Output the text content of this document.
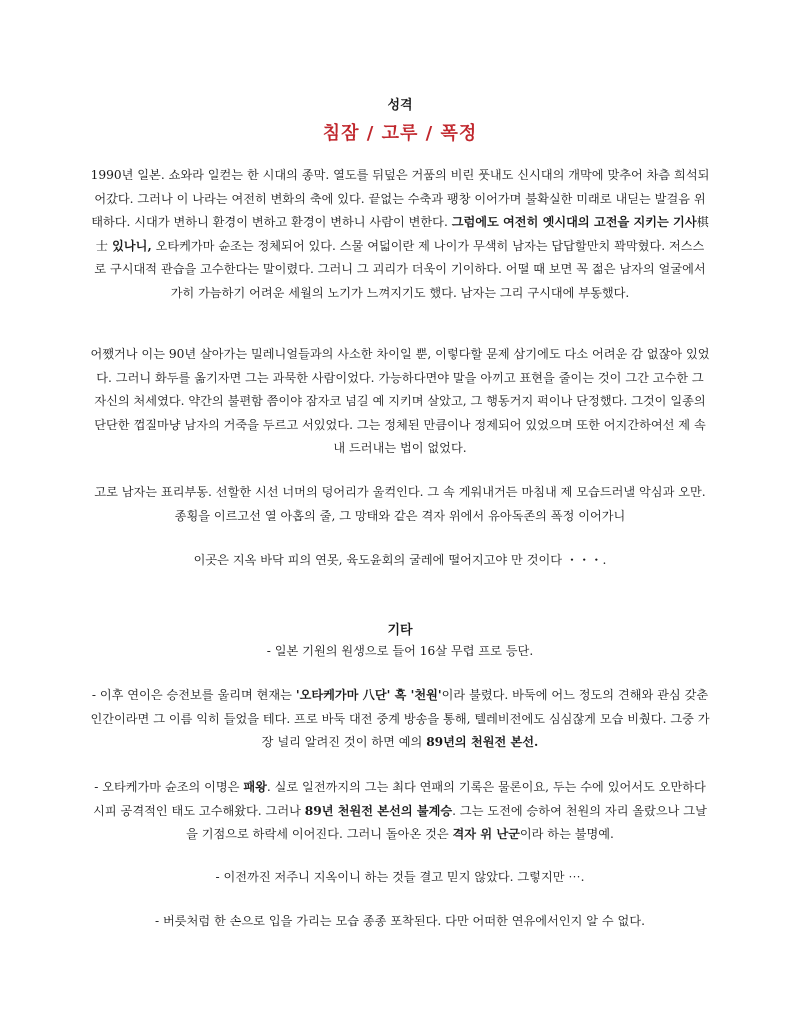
성격
침잠 / 고루 / 폭정

1990년 일본. 쇼와라 일컫는 한 시대의 종막. 열도를 뒤덮은 거품의 비린 풋내도 신시대의 개막에 맞추어 차츰 희석되어갔다. 그러나 이 나라는 여전히 변화의 축에 있다. 끝없는 수축과 팽창 이어가며 불확실한 미래로 내딛는 발걸음 위태하다. 시대가 변하니 환경이 변하고 환경이 변하니 사람이 변한다. 그럼에도 여전히 옛시대의 고전을 지키는 기사棋士 있나니, 오타케가마 슌조는 정체되어 있다. 스물 여덟이란 제 나이가 무색히 남자는 답답할만치 꽉막혔다. 저스스로 구시대적 관습을 고수한다는 말이렸다. 그러니 그 괴리가 더욱이 기이하다. 어떨 때 보면 꼭 젊은 남자의 얼굴에서 가히 가늠하기 어려운 세월의 노기가 느껴지기도 했다. 남자는 그리 구시대에 부동했다.

어쨌거나 이는 90년 살아가는 밀레니얼들과의 사소한 차이일 뿐, 이렇다할 문제 삼기에도 다소 어려운 감 없잖아 있었다. 그러니 화두를 옮기자면 그는 과묵한 사람이었다. 가능하다면야 말을 아끼고 표현을 줄이는 것이 그간 고수한 그 자신의 처세였다. 약간의 불편함 쯤이야 잠자코 넘길 예 지키며 살았고, 그 행동거지 퍽이나 단정했다. 그것이 일종의 단단한 껍질마냥 남자의 거죽을 두르고 서있었다. 그는 정체된 만큼이나 정제되어 있었으며 또한 어지간하여선 제 속내 드러내는 법이 없었다.

고로 남자는 표리부동. 선할한 시선 너머의 덩어리가 울컥인다. 그 속 게워내거든 마침내 제 모습드러낼 악심과 오만. 종횡을 이르고선 열 아홉의 줄, 그 망태와 같은 격자 위에서 유아독존의 폭정 이어가니

이곳은 지옥 바닥 피의 연못, 육도윤회의 굴레에 떨어지고야 만 것이다 ・・・.

기타

- 일본 기원의 원생으로 들어 16살 무렵 프로 등단.

- 이후 연이은 승전보를 울리며 현재는 '오타케가마 八단' 혹 '천원'이라 불렸다. 바둑에 어느 정도의 견해와 관심 갖춘 인간이라면 그 이름 익히 들었을 테다. 프로 바둑 대전 중계 방송을 통해, 텔레비전에도 심심잖게 모습 비췄다. 그중 가장 널리 알려진 것이 하면 예의 89년의 천원전 본선.

- 오타케가마 슌조의 이명은 패왕. 실로 일전까지의 그는 최다 연패의 기록은 물론이요, 두는 수에 있어서도 오만하다시피 공격적인 태도 고수해왔다. 그러나 89년 천원전 본선의 불계승. 그는 도전에 승하여 천원의 자리 올랐으나 그날을 기점으로 하락세 이어진다. 그러니 돌아온 것은 격자 위 난군이라 하는 불명예.

- 이전까진 저주니 지옥이니 하는 것들 결고 믿지 않았다. 그렇지만 ⋯.

- 버릇처럼 한 손으로 입을 가리는 모습 종종 포착된다. 다만 어떠한 연유에서인지 알 수 없다.
